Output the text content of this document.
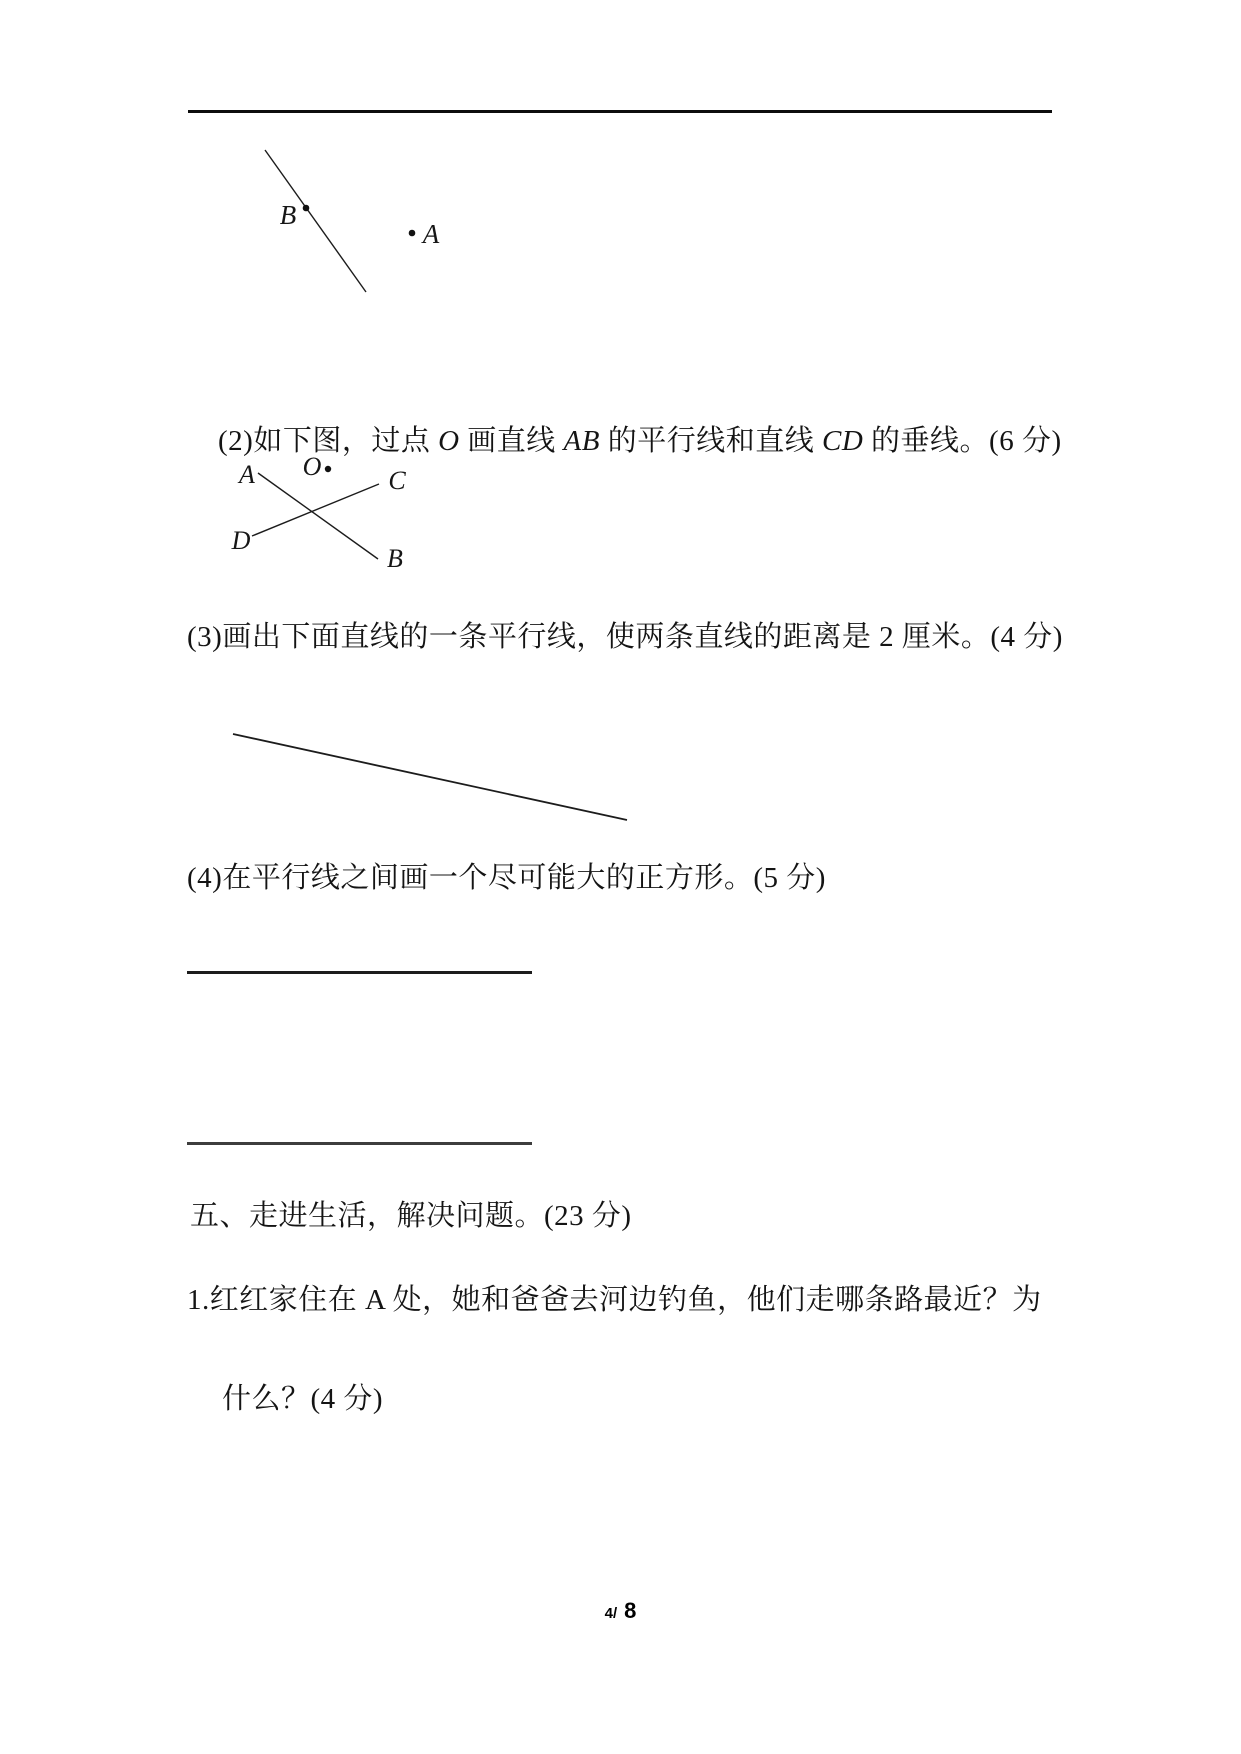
B
A

(2)如下图，过点 O 画直线 AB 的平行线和直线 CD 的垂线。(6 分)

A O	C
D
B
(3)画出下面直线的一条平行线，使两条直线的距离是 2 厘米。(4 分)
(4)在平行线之间画一个尽可能大的正方形。(5 分)
五、走进生活，解决问题。(23 分)
1.红红家住在 A 处，她和爸爸去河边钓鱼，他们走哪条路最近？为
什么？(4 分)
4/ 8
